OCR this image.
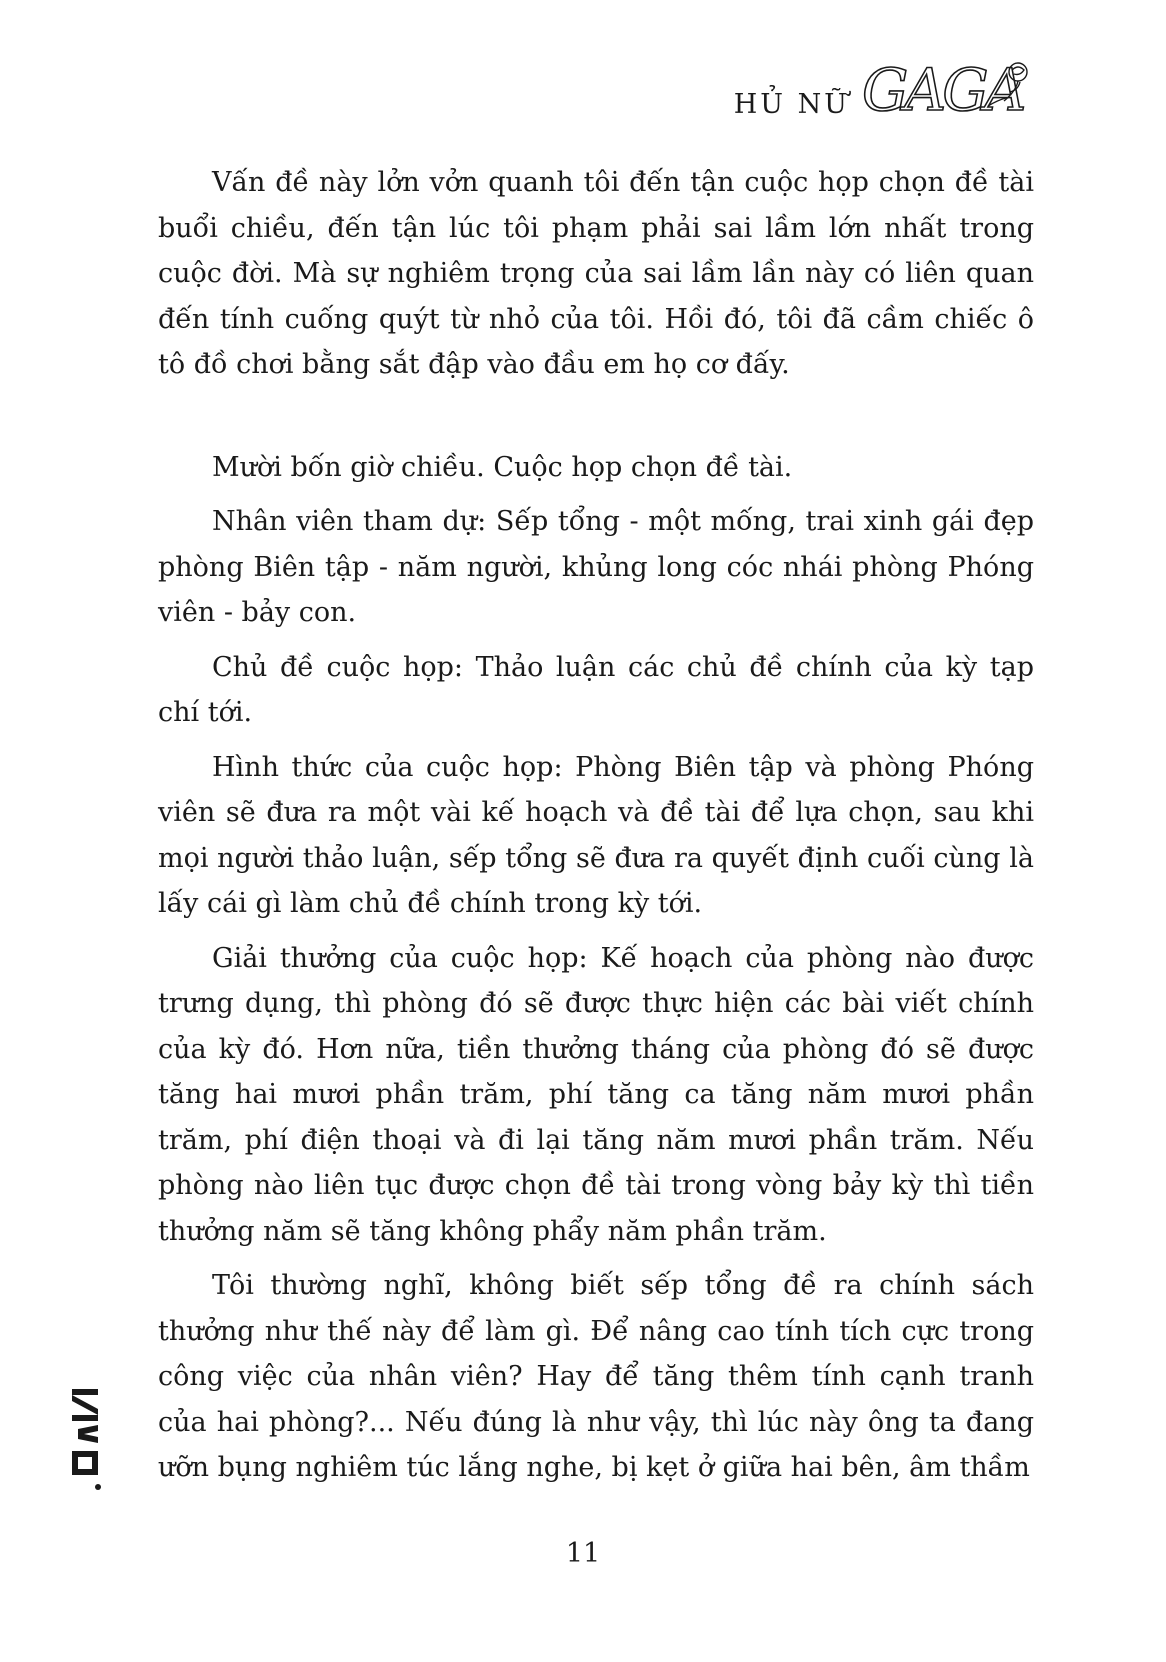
HỦ NỮ GAGA

Vấn đề này lởn vởn quanh tôi đến tận cuộc họp chọn đề tài buổi chiều, đến tận lúc tôi phạm phải sai lầm lớn nhất trong cuộc đời. Mà sự nghiêm trọng của sai lầm lần này có liên quan đến tính cuống quýt từ nhỏ của tôi. Hồi đó, tôi đã cầm chiếc ô tô đồ chơi bằng sắt đập vào đầu em họ cơ đấy.

Mười bốn giờ chiều. Cuộc họp chọn đề tài.

Nhân viên tham dự: Sếp tổng - một mống, trai xinh gái đẹp phòng Biên tập - năm người, khủng long cóc nhái phòng Phóng viên - bảy con.

Chủ đề cuộc họp: Thảo luận các chủ đề chính của kỳ tạp chí tới.

Hình thức của cuộc họp: Phòng Biên tập và phòng Phóng viên sẽ đưa ra một vài kế hoạch và đề tài để lựa chọn, sau khi mọi người thảo luận, sếp tổng sẽ đưa ra quyết định cuối cùng là lấy cái gì làm chủ đề chính trong kỳ tới.

Giải thưởng của cuộc họp: Kế hoạch của phòng nào được trưng dụng, thì phòng đó sẽ được thực hiện các bài viết chính của kỳ đó. Hơn nữa, tiền thưởng tháng của phòng đó sẽ được tăng hai mươi phần trăm, phí tăng ca tăng năm mươi phần trăm, phí điện thoại và đi lại tăng năm mươi phần trăm. Nếu phòng nào liên tục được chọn đề tài trong vòng bảy kỳ thì tiền thưởng năm sẽ tăng không phẩy năm phần trăm.

Tôi thường nghĩ, không biết sếp tổng đề ra chính sách thưởng như thế này để làm gì. Để nâng cao tính tích cực trong công việc của nhân viên? Hay để tăng thêm tính cạnh tranh của hai phòng?... Nếu đúng là như vậy, thì lúc này ông ta đang ưỡn bụng nghiêm túc lắng nghe, bị kẹt ở giữa hai bên, âm thầm

11
